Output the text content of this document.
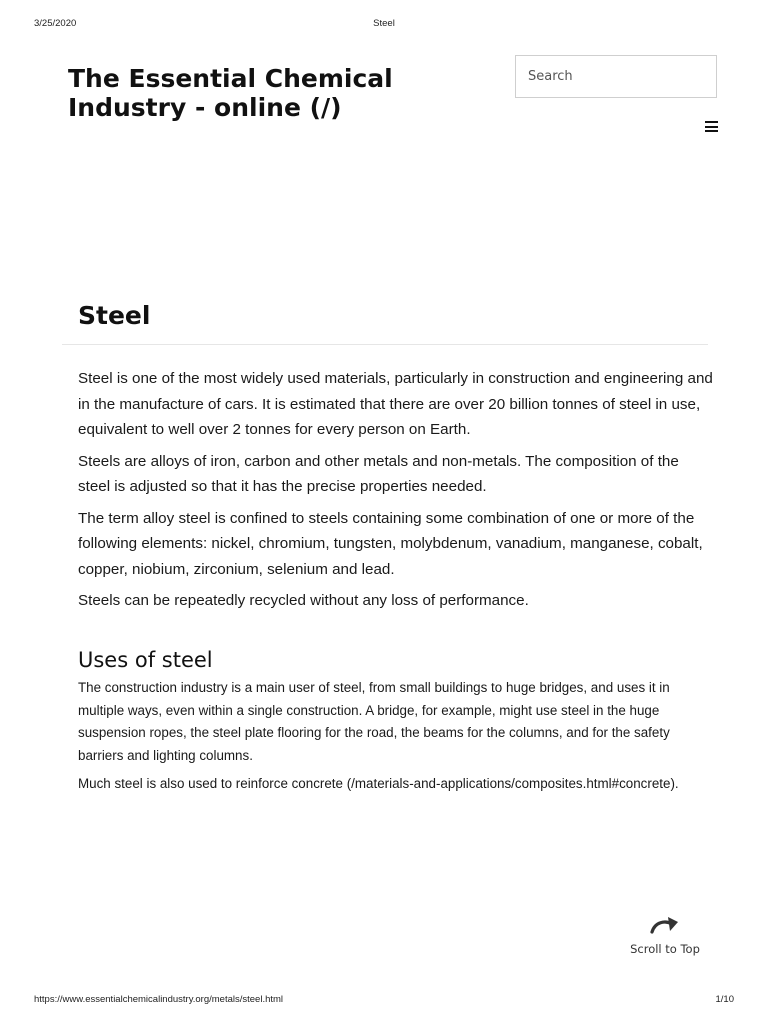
3/25/2020	Steel
The Essential Chemical Industry - online (/)
Search
Steel

Steel is one of the most widely used materials, particularly in construction and engineering and in the manufacture of cars. It is estimated that there are over 20 billion tonnes of steel in use, equivalent to well over 2 tonnes for every person on Earth.

Steels are alloys of iron, carbon and other metals and non-metals. The composition of the steel is adjusted so that it has the precise properties needed.

The term alloy steel is confined to steels containing some combination of one or more of the following elements: nickel, chromium, tungsten, molybdenum, vanadium, manganese, cobalt, copper, niobium, zirconium, selenium and lead.

Steels can be repeatedly recycled without any loss of performance.

Uses of steel

The construction industry is a main user of steel, from small buildings to huge bridges, and uses it in multiple ways, even within a single construction. A bridge, for example, might use steel in the huge suspension ropes, the steel plate flooring for the road, the beams for the columns, and for the safety barriers and lighting columns.

Much steel is also used to reinforce concrete (/materials-and-applications/composites.html#concrete).

Scroll to Top
https://www.essentialchemicalindustry.org/metals/steel.html	1/10
